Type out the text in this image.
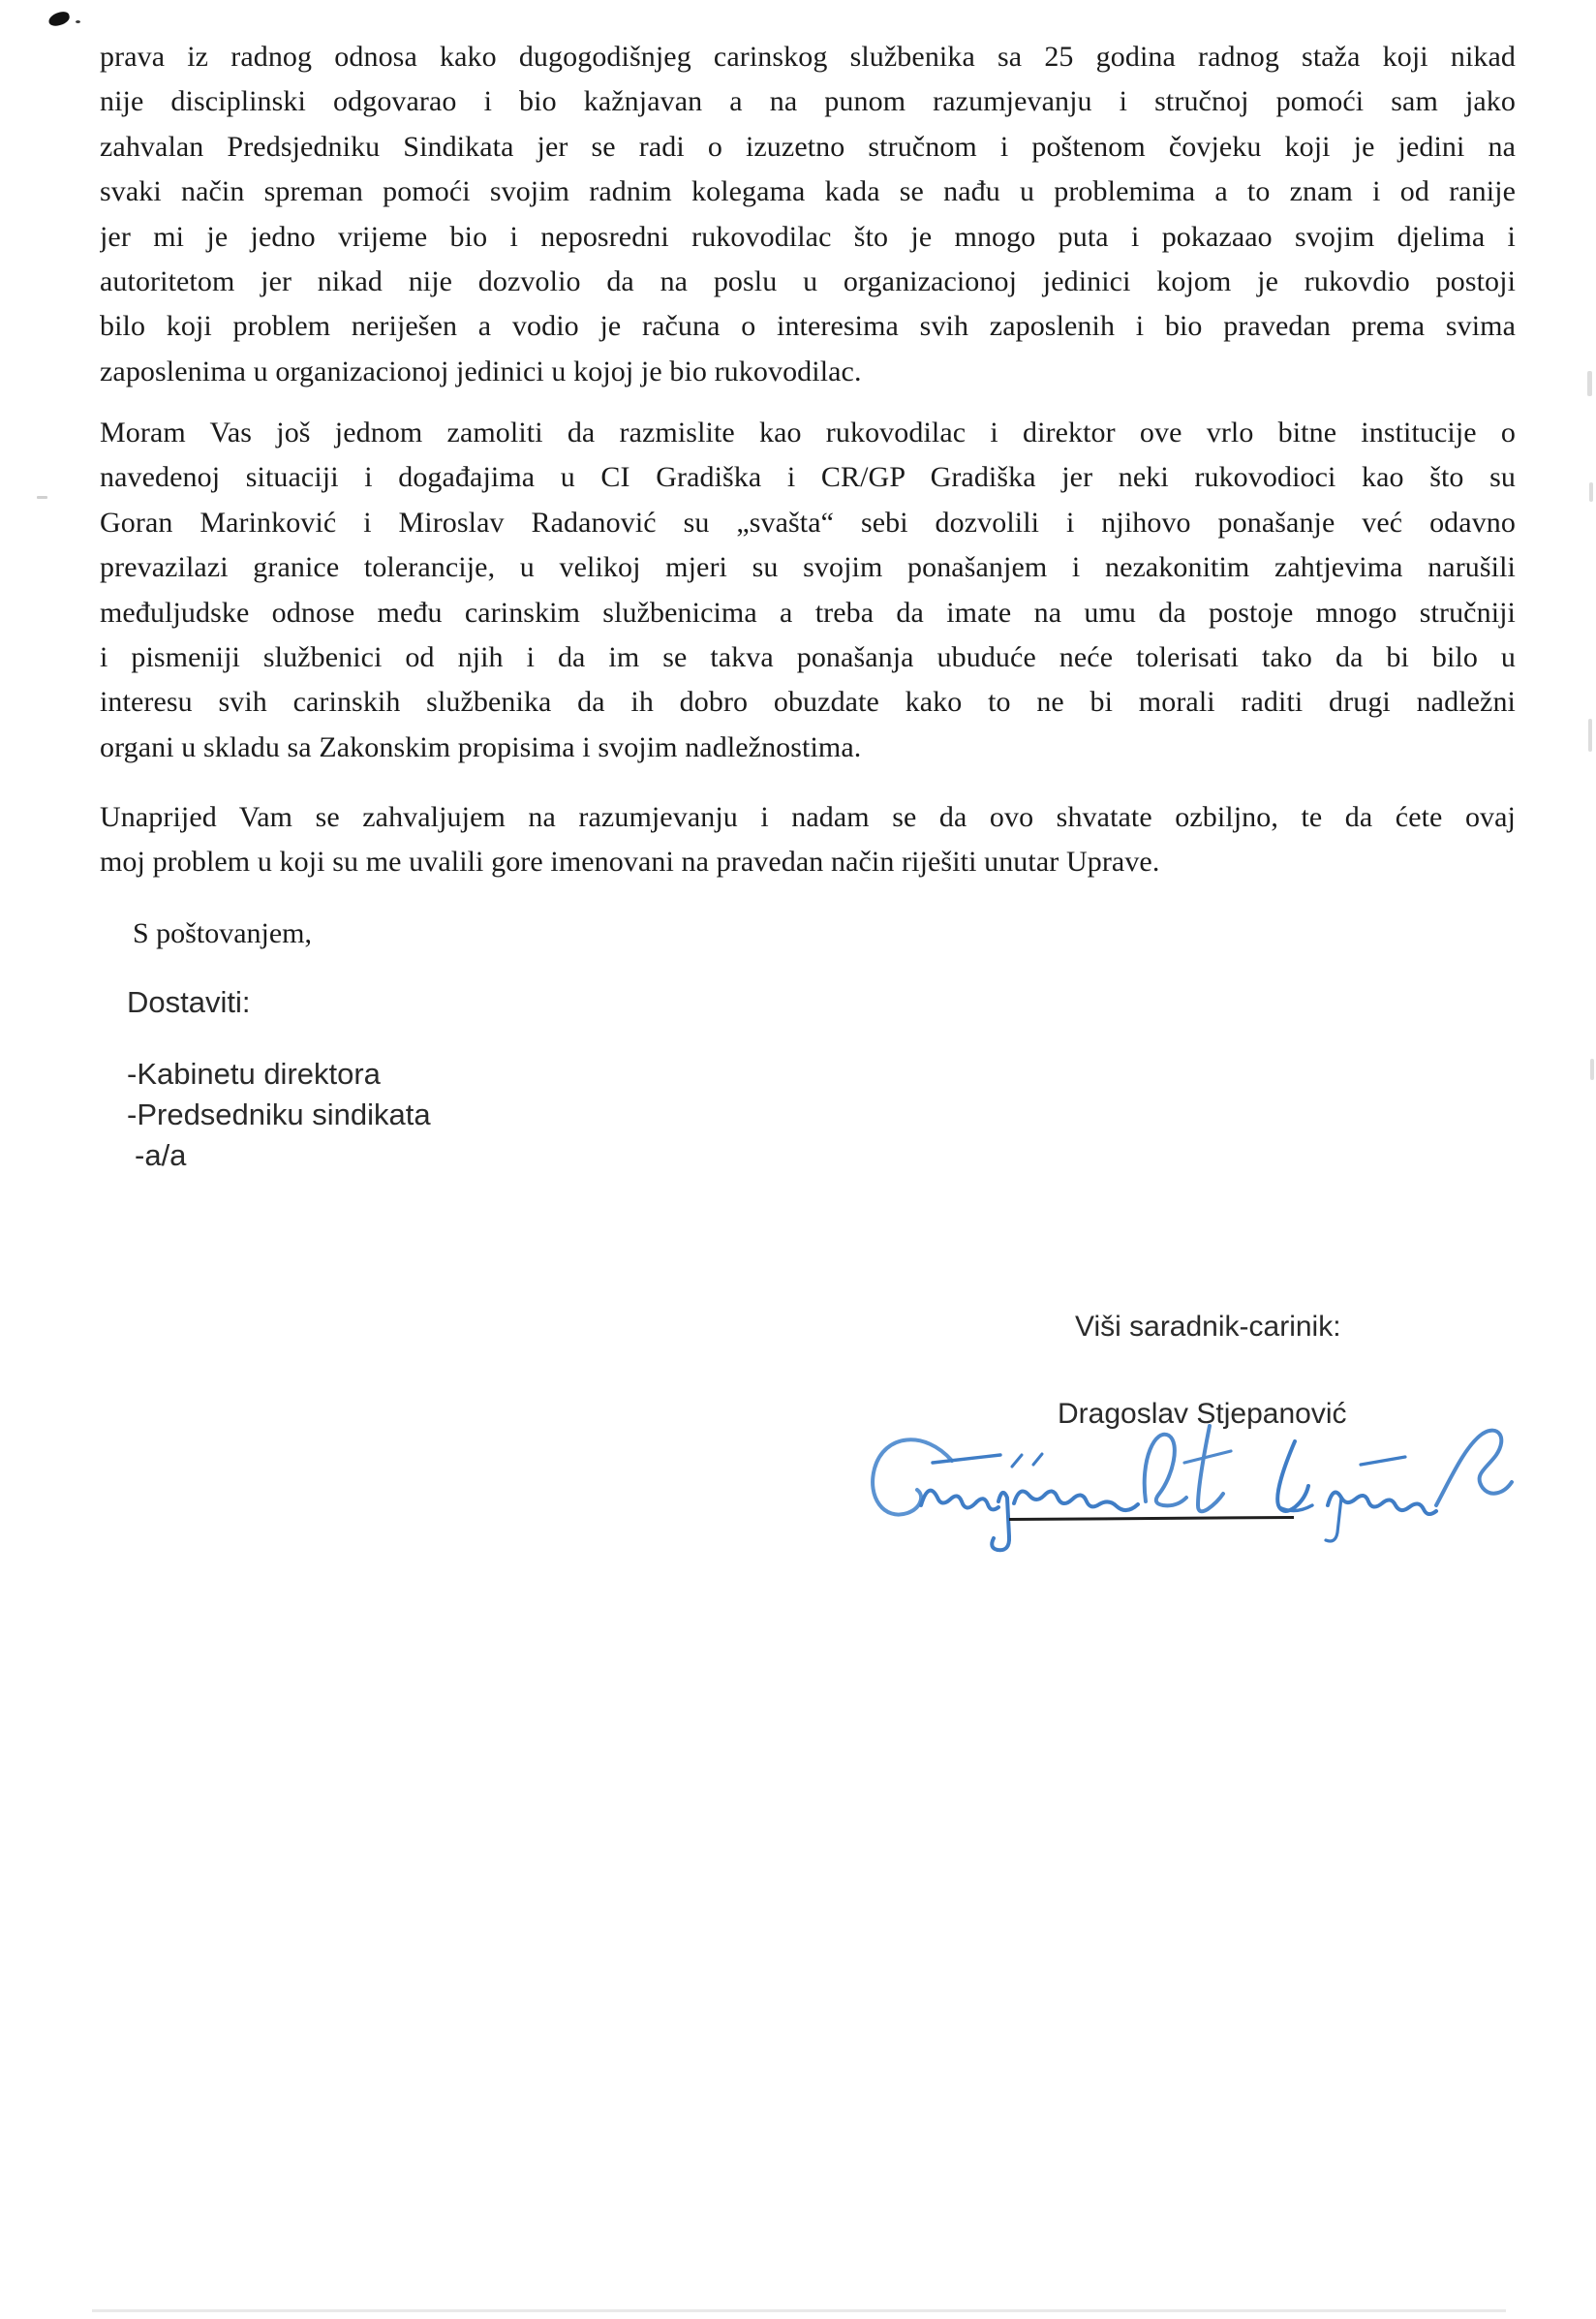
prava iz radnog odnosa kako dugogodišnjeg carinskog službenika sa 25 godina radnog staža koji nikad
nije disciplinski odgovarao i bio kažnjavan a na punom razumjevanju i stručnoj pomoći sam jako
zahvalan Predsjedniku Sindikata jer se radi o izuzetno stručnom i poštenom čovjeku koji je jedini na
svaki način spreman pomoći svojim radnim kolegama kada se nađu u problemima a to znam i od ranije
jer mi je jedno vrijeme bio i neposredni rukovodilac što je mnogo puta i pokazaao svojim djelima i
autoritetom jer nikad nije dozvolio da na poslu u organizacionoj jedinici kojom je rukovdio postoji
bilo koji problem neriješen a vodio je računa o interesima svih zaposlenih i bio pravedan prema svima
zaposlenima u organizacionoj jedinici u kojoj je bio rukovodilac.
Moram Vas još jednom zamoliti da razmislite kao rukovodilac i direktor ove vrlo bitne institucije o
navedenoj situaciji i događajima u CI Gradiška i CR/GP Gradiška jer neki rukovodioci kao što su
Goran Marinković i Miroslav Radanović su „svašta“ sebi dozvolili i njihovo ponašanje već odavno
prevazilazi granice tolerancije, u velikoj mjeri su svojim ponašanjem i nezakonitim zahtjevima narušili
međuljudske odnose među carinskim službenicima a treba da imate na umu da postoje mnogo stručniji
i pismeniji službenici od njih i da im se takva ponašanja ubuduće neće tolerisati tako da bi bilo u
interesu svih carinskih službenika da ih dobro obuzdate kako to ne bi morali raditi drugi nadležni
organi u skladu sa Zakonskim propisima i svojim nadležnostima.
Unaprijed Vam se zahvaljujem na razumjevanju i nadam se da ovo shvatate ozbiljno, te da ćete ovaj
moj problem u koji su me uvalili gore imenovani na pravedan način riješiti unutar Uprave.
S poštovanjem,
Dostaviti:
-Kabinetu direktora
-Predsedniku sindikata
-a/a
Viši saradnik-carinik:
Dragoslav Stjepanović
